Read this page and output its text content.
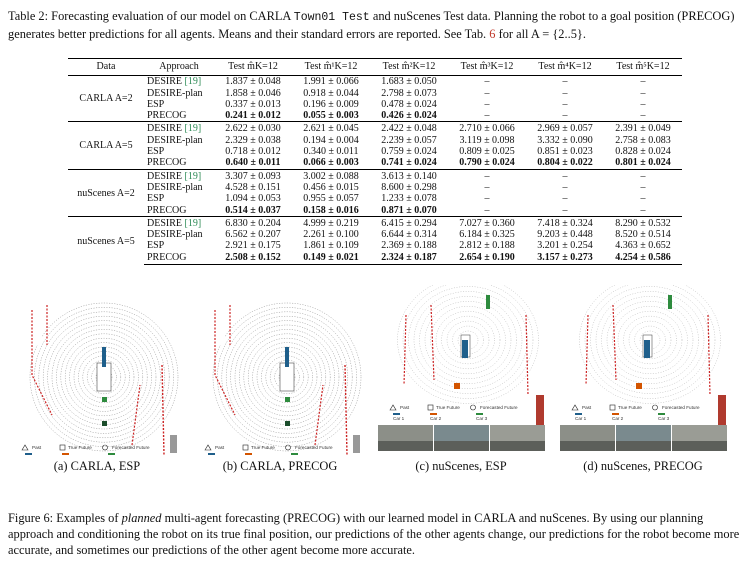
Table 2: Forecasting evaluation of our model on CARLA Town01 Test and nuScenes Test data. Planning the robot to a goal position (PRECOG) generates better predictions for all agents. Means and their standard errors are reported. See Tab. 6 for all A = {2..5}.
Data	Approach	Test m̂K=12	Test m̂¹K=12	Test m̂²K=12	Test m̂³K=12	Test m̂⁴K=12	Test m̂⁵K=12
CARLA A=2	DESIRE [19]	1.837 ± 0.048	1.991 ± 0.066	1.683 ± 0.050	–	–	–
	DESIRE-plan	1.858 ± 0.046	0.918 ± 0.044	2.798 ± 0.073	–	–	–
	ESP	0.337 ± 0.013	0.196 ± 0.009	0.478 ± 0.024	–	–	–
	PRECOG	0.241 ± 0.012	0.055 ± 0.003	0.426 ± 0.024	–	–	–
CARLA A=5	DESIRE [19]	2.622 ± 0.030	2.621 ± 0.045	2.422 ± 0.048	2.710 ± 0.066	2.969 ± 0.057	2.391 ± 0.049
	DESIRE-plan	2.329 ± 0.038	0.194 ± 0.004	2.239 ± 0.057	3.119 ± 0.098	3.332 ± 0.090	2.758 ± 0.083
	ESP	0.718 ± 0.012	0.340 ± 0.011	0.759 ± 0.024	0.809 ± 0.025	0.851 ± 0.023	0.828 ± 0.024
	PRECOG	0.640 ± 0.011	0.066 ± 0.003	0.741 ± 0.024	0.790 ± 0.024	0.804 ± 0.022	0.801 ± 0.024
nuScenes A=2	DESIRE [19]	3.307 ± 0.093	3.002 ± 0.088	3.613 ± 0.140	–	–	–
	DESIRE-plan	4.528 ± 0.151	0.456 ± 0.015	8.600 ± 0.298	–	–	–
	ESP	1.094 ± 0.053	0.955 ± 0.057	1.233 ± 0.078	–	–	–
	PRECOG	0.514 ± 0.037	0.158 ± 0.016	0.871 ± 0.070	–	–	–
nuScenes A=5	DESIRE [19]	6.830 ± 0.204	4.999 ± 0.219	6.415 ± 0.294	7.027 ± 0.360	7.418 ± 0.324	8.290 ± 0.532
	DESIRE-plan	6.562 ± 0.207	2.261 ± 0.100	6.644 ± 0.314	6.184 ± 0.325	9.203 ± 0.448	8.520 ± 0.514
	ESP	2.921 ± 0.175	1.861 ± 0.109	2.369 ± 0.188	2.812 ± 0.188	3.201 ± 0.254	4.363 ± 0.652
	PRECOG	2.508 ± 0.152	0.149 ± 0.021	2.324 ± 0.187	2.654 ± 0.190	3.157 ± 0.273	4.254 ± 0.586
Past	True Future	Forecasted Future
(a) CARLA, ESP
Past	True Future	Forecasted Future
(b) CARLA, PRECOG
Past
Car 1
True Future
Car 2
Forecasted Future
Car 3
(c) nuScenes, ESP
Past
Car 1
True Future
Car 2
Forecasted Future
Car 3
(d) nuScenes, PRECOG
Figure 6: Examples of planned multi-agent forecasting (PRECOG) with our learned model in CARLA and nuScenes. By using our planning approach and conditioning the robot on its true final position, our predictions of the other agents change, our predictions for the robot become more accurate, and sometimes our predictions of the other agent become more accurate.
